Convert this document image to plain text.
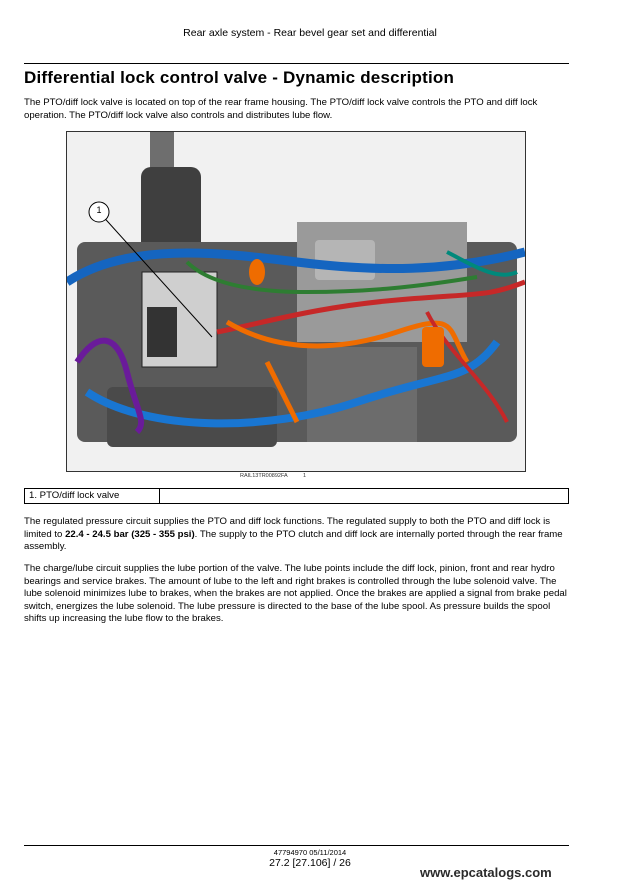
Rear axle system - Rear bevel gear set and differential
Differential lock control valve - Dynamic description
The PTO/diff lock valve is located on top of the rear frame housing. The PTO/diff lock valve controls the PTO and diff lock operation. The PTO/diff lock valve also controls and distributes lube flow.
1
RAIL13TR00892FA	1
1. PTO/diff lock valve
The regulated pressure circuit supplies the PTO and diff lock functions. The regulated supply to both the PTO and diff lock is limited to 22.4 - 24.5 bar (325 - 355 psi). The supply to the PTO clutch and diff lock are internally ported through the rear frame assembly.
The charge/lube circuit supplies the lube portion of the valve. The lube points include the diff lock, pinion, front and rear hydro bearings and service brakes. The amount of lube to the left and right brakes is controlled through the lube solenoid valve. The lube solenoid minimizes lube to brakes, when the brakes are not applied. Once the brakes are applied a signal from brake pedal switch, energizes the lube solenoid. The lube pressure is directed to the base of the lube spool. As pressure builds the spool shifts up increasing the lube flow to the brakes.
47794970 05/11/2014
27.2 [27.106] / 26
www.epcatalogs.com
